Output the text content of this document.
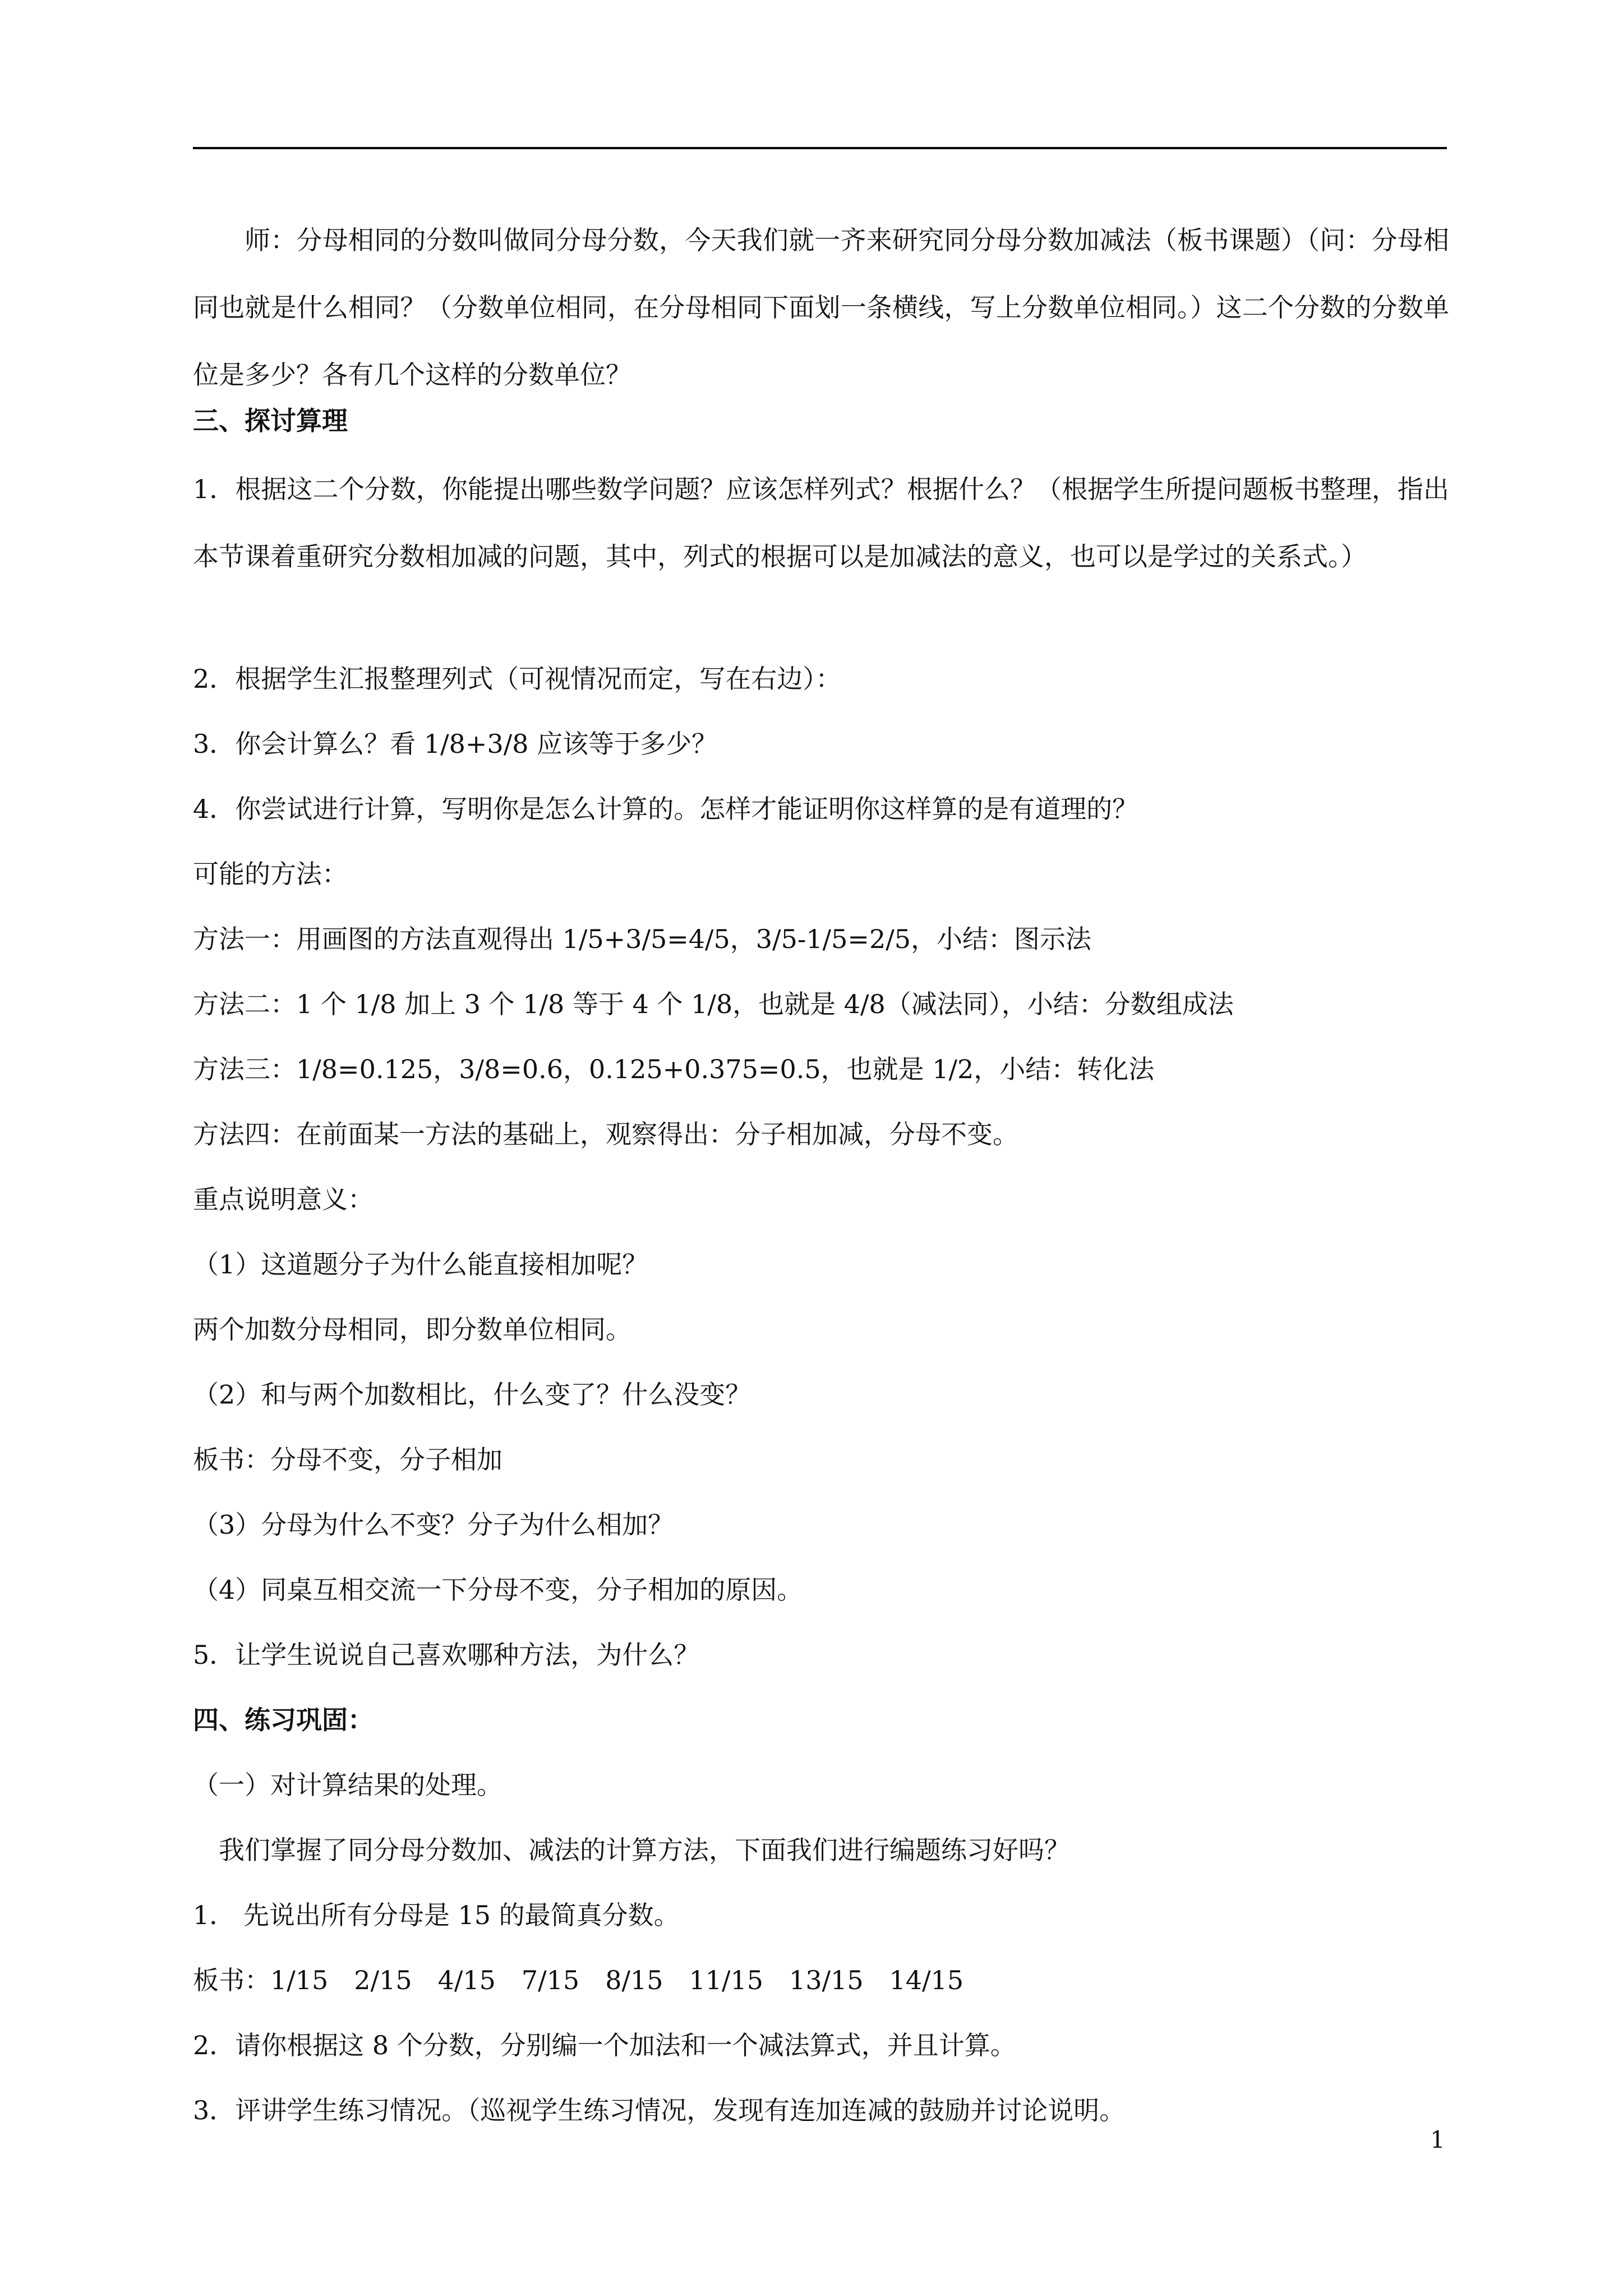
师：分母相同的分数叫做同分母分数，今天我们就一齐来研究同分母分数加减法（板书课题）（问：分母相同也就是什么相同？（分数单位相同，在分母相同下面划一条横线，写上分数单位相同。）这二个分数的分数单位是多少？各有几个这样的分数单位？
三、探讨算理
1．根据这二个分数，你能提出哪些数学问题？应该怎样列式？根据什么？（根据学生所提问题板书整理，指出本节课着重研究分数相加减的问题，其中，列式的根据可以是加减法的意义，也可以是学过的关系式。）
2．根据学生汇报整理列式（可视情况而定，写在右边）：
3．你会计算么？看 1/8+3/8 应该等于多少？
4．你尝试进行计算，写明你是怎么计算的。怎样才能证明你这样算的是有道理的？
可能的方法：
方法一：用画图的方法直观得出 1/5+3/5=4/5，3/5-1/5=2/5，小结：图示法
方法二：1 个 1/8 加上 3 个 1/8 等于 4 个 1/8，也就是 4/8（减法同），小结：分数组成法
方法三：1/8=0.125，3/8=0.6，0.125+0.375=0.5，也就是 1/2，小结：转化法
方法四：在前面某一方法的基础上，观察得出：分子相加减，分母不变。
重点说明意义：
（1）这道题分子为什么能直接相加呢？
两个加数分母相同，即分数单位相同。
（2）和与两个加数相比，什么变了？什么没变？
板书：分母不变，分子相加
（3）分母为什么不变？分子为什么相加？
（4）同桌互相交流一下分母不变，分子相加的原因。
5．让学生说说自己喜欢哪种方法，为什么？
四、练习巩固：
（一）对计算结果的处理。
我们掌握了同分母分数加、减法的计算方法，下面我们进行编题练习好吗？
1． 先说出所有分母是 15 的最简真分数。
板书：1/15　2/15　4/15　7/15　8/15　11/15　13/15　14/15
2．请你根据这 8 个分数，分别编一个加法和一个减法算式，并且计算。
3．评讲学生练习情况。（巡视学生练习情况，发现有连加连减的鼓励并讨论说明。
1
